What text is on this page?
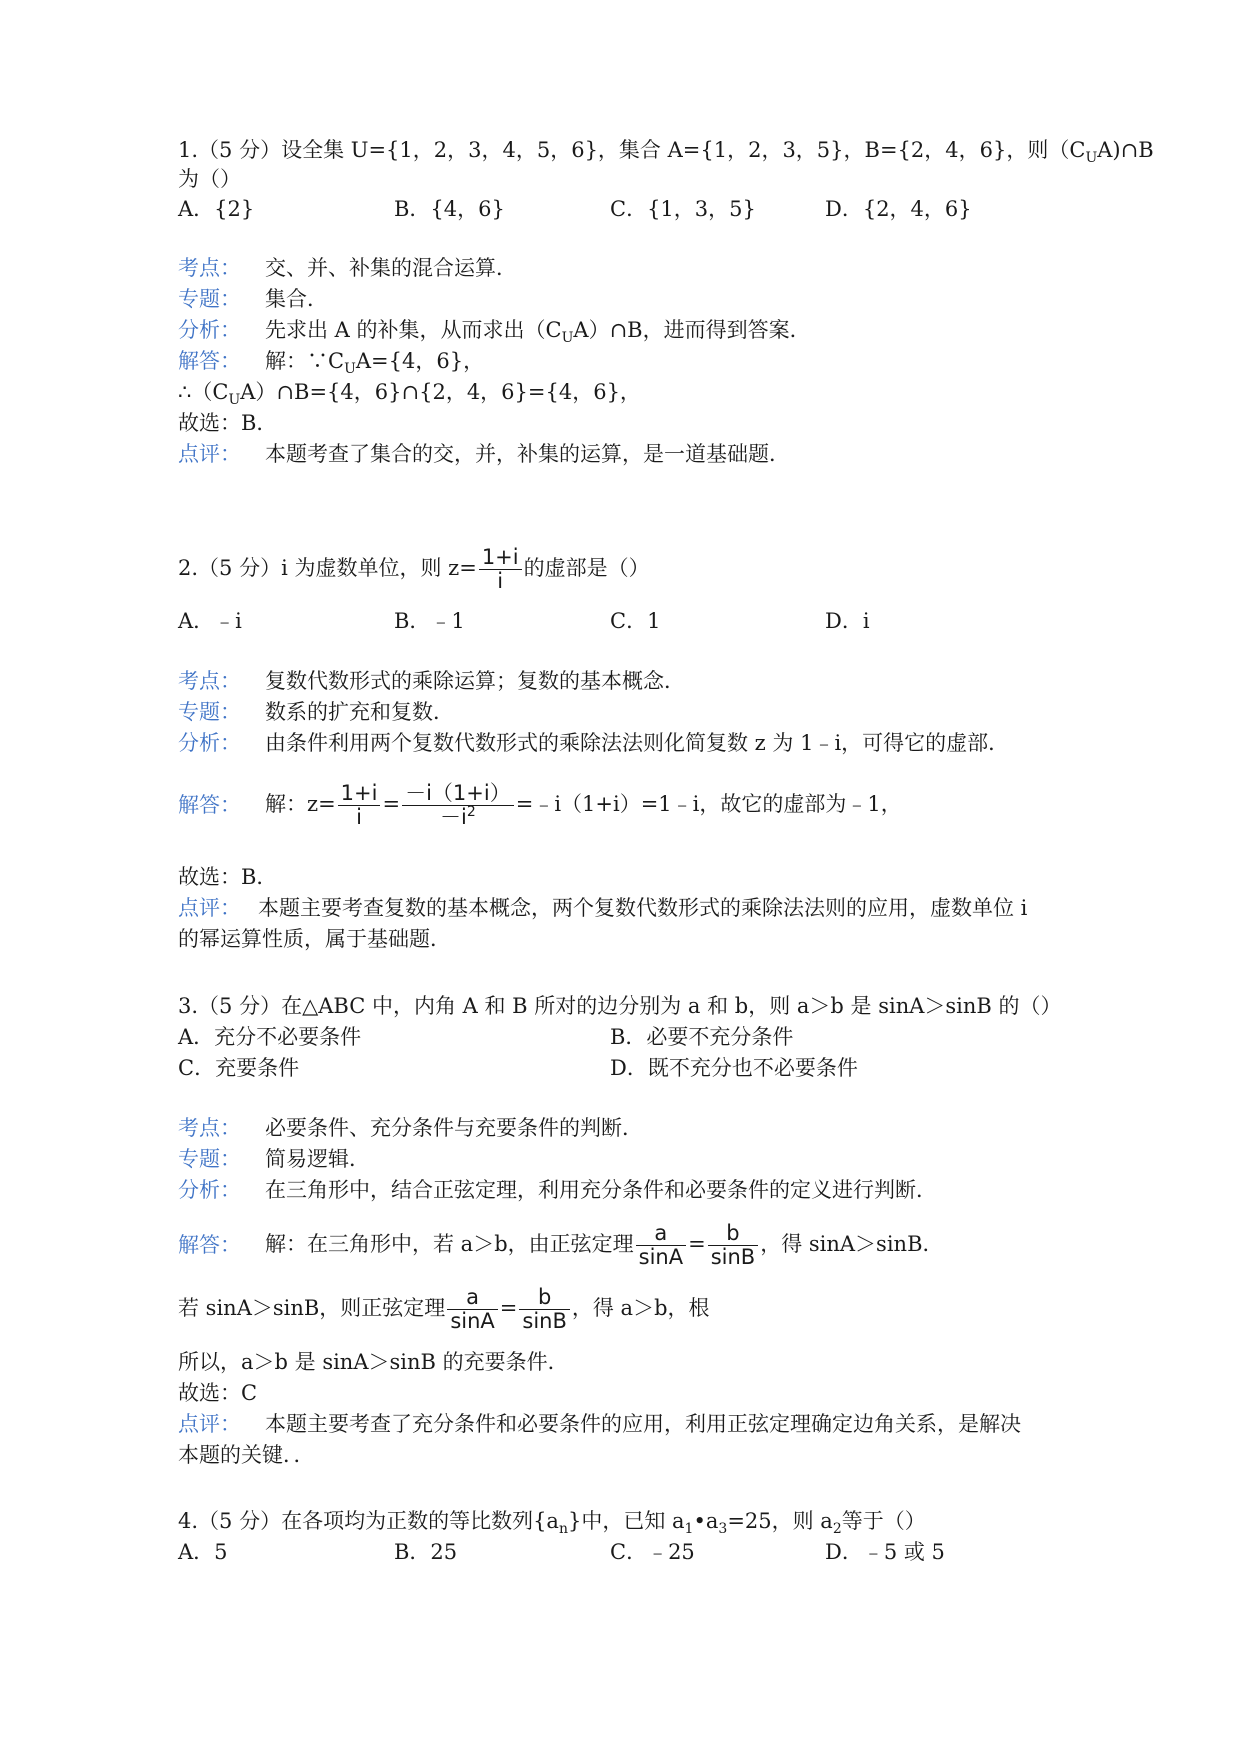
1.（5 分）设全集 U={1，2，3，4，5，6}，集合 A={1，2，3，5}，B={2，4，6}，则$(C_UA)\cap B$
为（）
A．{2}	B．{4，6}	C．{1，3，5}	D．{2，4，6}
考点： 交、并、补集的混合运算．
专题： 集合．
分析： 先求出 A 的补集，从而求出$(C_UA)\cap B$，进而得到答案．
解答： 解：$\because C_UA=\{4$，6}，
$\therefore(C_UA)\cap B=\{4$，6}∩{2，4，6}={4，6}，
故选：B．
点评： 本题考查了集合的交，并，补集的运算，是一道基础题．
2.（5 分）i 为虚数单位，则 $z= \frac{1+i}{i}$ 的虚部是（）
A．﹣i	B．﹣1	C．1	D．i
考点： 复数代数形式的乘除运算；复数的基本概念．
专题： 数系的扩充和复数．
分析： 由条件利用两个复数代数形式的乘除法法则化简复数 z 为 1﹣i，可得它的虚部．
解答： 解：$z= \frac{1+i}{i} = \frac{-i(1+i)}{-i^2}$ =﹣i（1+i）=1﹣i，故它的虚部为﹣1，
故选：B．
点评： 本题主要考查复数的基本概念，两个复数代数形式的乘除法法则的应用，虚数单位 i
的幂运算性质，属于基础题．
3.（5 分）在△ABC 中，内角 A 和 B 所对的边分别为 a 和 b，则 a＞b 是 sinA＞sinB 的（）
A．充分不必要条件	B．必要不充分条件
C．充要条件	D．既不充分也不必要条件
考点： 必要条件、充分条件与充要条件的判断．
专题： 简易逻辑．
分析： 在三角形中，结合正弦定理，利用充分条件和必要条件的定义进行判断．
解答： 解：在三角形中，若 a＞b，由正弦定理 $\frac{a}{\sin A} = \frac{b}{\sin B}$ ，得 sinA＞sinB．
若 sinA＞sinB，则正弦定理 $\frac{a}{\sin A} = \frac{b}{\sin B}$ ，得 a＞b，根
所以，a＞b 是 sinA＞sinB 的充要条件．
故选：C
点评： 本题主要考查了充分条件和必要条件的应用，利用正弦定理确定边角关系，是解决
本题的关键．．
4.（5 分）在各项均为正数的等比数列$\{a_n\}$中，已知 $a_1•a_3=25$，则 $a_2$等于（）
A．5	B．25	C．﹣25	D．﹣5 或 5
